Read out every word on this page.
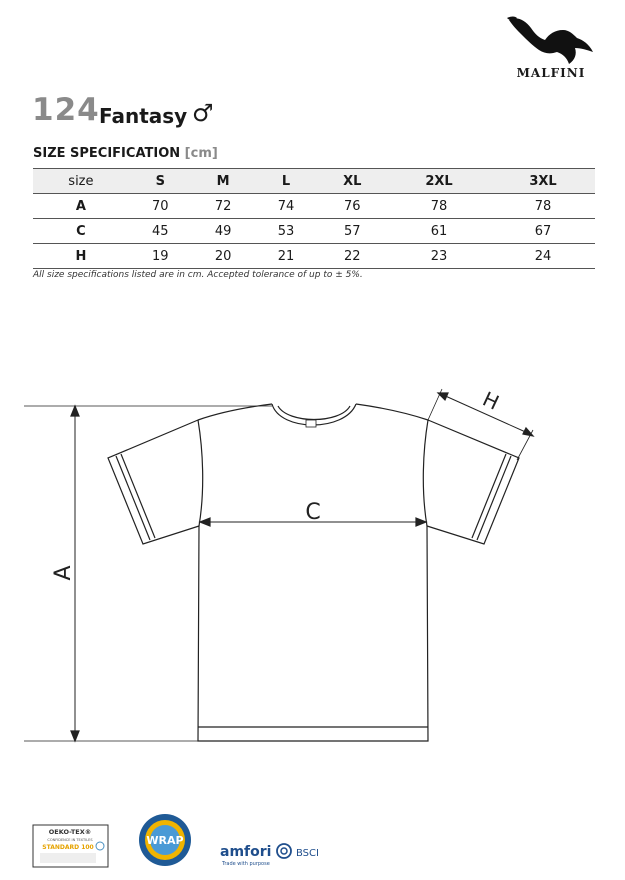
MALFINI
124 Fantasy ♂
SIZE SPECIFICATION [cm]
size	S	M	L	XL	2XL	3XL
A	70	72	74	76	78	78
C	45	49	53	57	61	67
H	19	20	21	22	23	24
All size specifications listed are in cm. Accepted tolerance of up to ± 5%.
A
C
H
OEKO-TEX®
CONFIDENCE IN TEXTILES
STANDARD 100
WRAP
amfori
Trade with purpose
BSCI
